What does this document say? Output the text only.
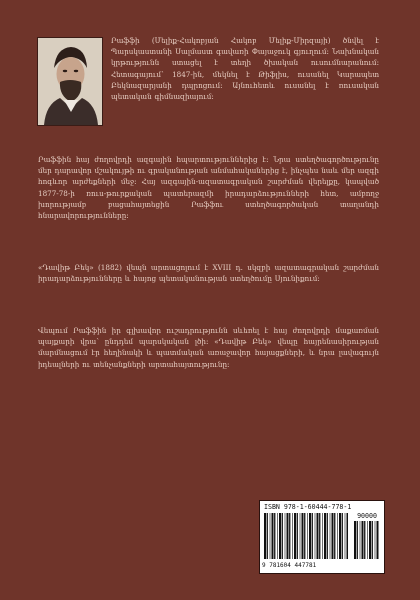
Րաֆֆի (Մելիք-Հակոբյան Հակոբ Մելիք-Միրզայի) ծնվել է Պարսկաստանի Սալմաստ գավառի Փայաջուկ գյուղում: Նախնական կրթությունն ստացել է տեղի ծխական ուսումնարանում: Հետագայում՝ 1847-ին, մեկնել է Թիֆլիս, ուսանել Կարապետ Բեկնազարյանի դպրոցում: Այնուհետև ուսանել է ռուսական պետական գիմնազիայում:

Րաֆֆին հայ ժողովրդի ազգային հպարտություններից է: Նրա ստեղծագործությունը մեր դարավոր մշակույթի ու գրականության անմահականերից է, ինչպես նաև մեր ազգի հոգևոր արժեքների մեջ: Հայ ազգային-ազատագրական շարժման վերելքը, կապված 1877-78-ի ռուս-թուրքական պատերազմի իրադարձությունների հետ, ամբողջ խորությամբ բացահայտեցին Րաֆֆու ստեղծագործական տաղանդի հնարավորությունները:

«Դավիթ Բեկ» (1882) վեպն արտացոլում է XVIII դ. սկզբի ազատագրական շարժման իրադարձությունները և հայոց պետականության ստեղծումը Սյունիքում:

Վեպում Րաֆֆին իր գլխավոր ուշադրությունն սևեռել է հայ ժողովրդի մաքառման պայքարի վրա՝ ընդդեմ պարսկական լծի: «Դավիթ Բեկ» վեպը հայրենասիրության մարմնացում էր հեղինակի և պատմական առաջավոր հայացքների, և նրա լավագույն իդեալների ու տենչանքների արտահայտությունը:

ISBN 978-1-60444-778-1
90000
9 781604 447781
